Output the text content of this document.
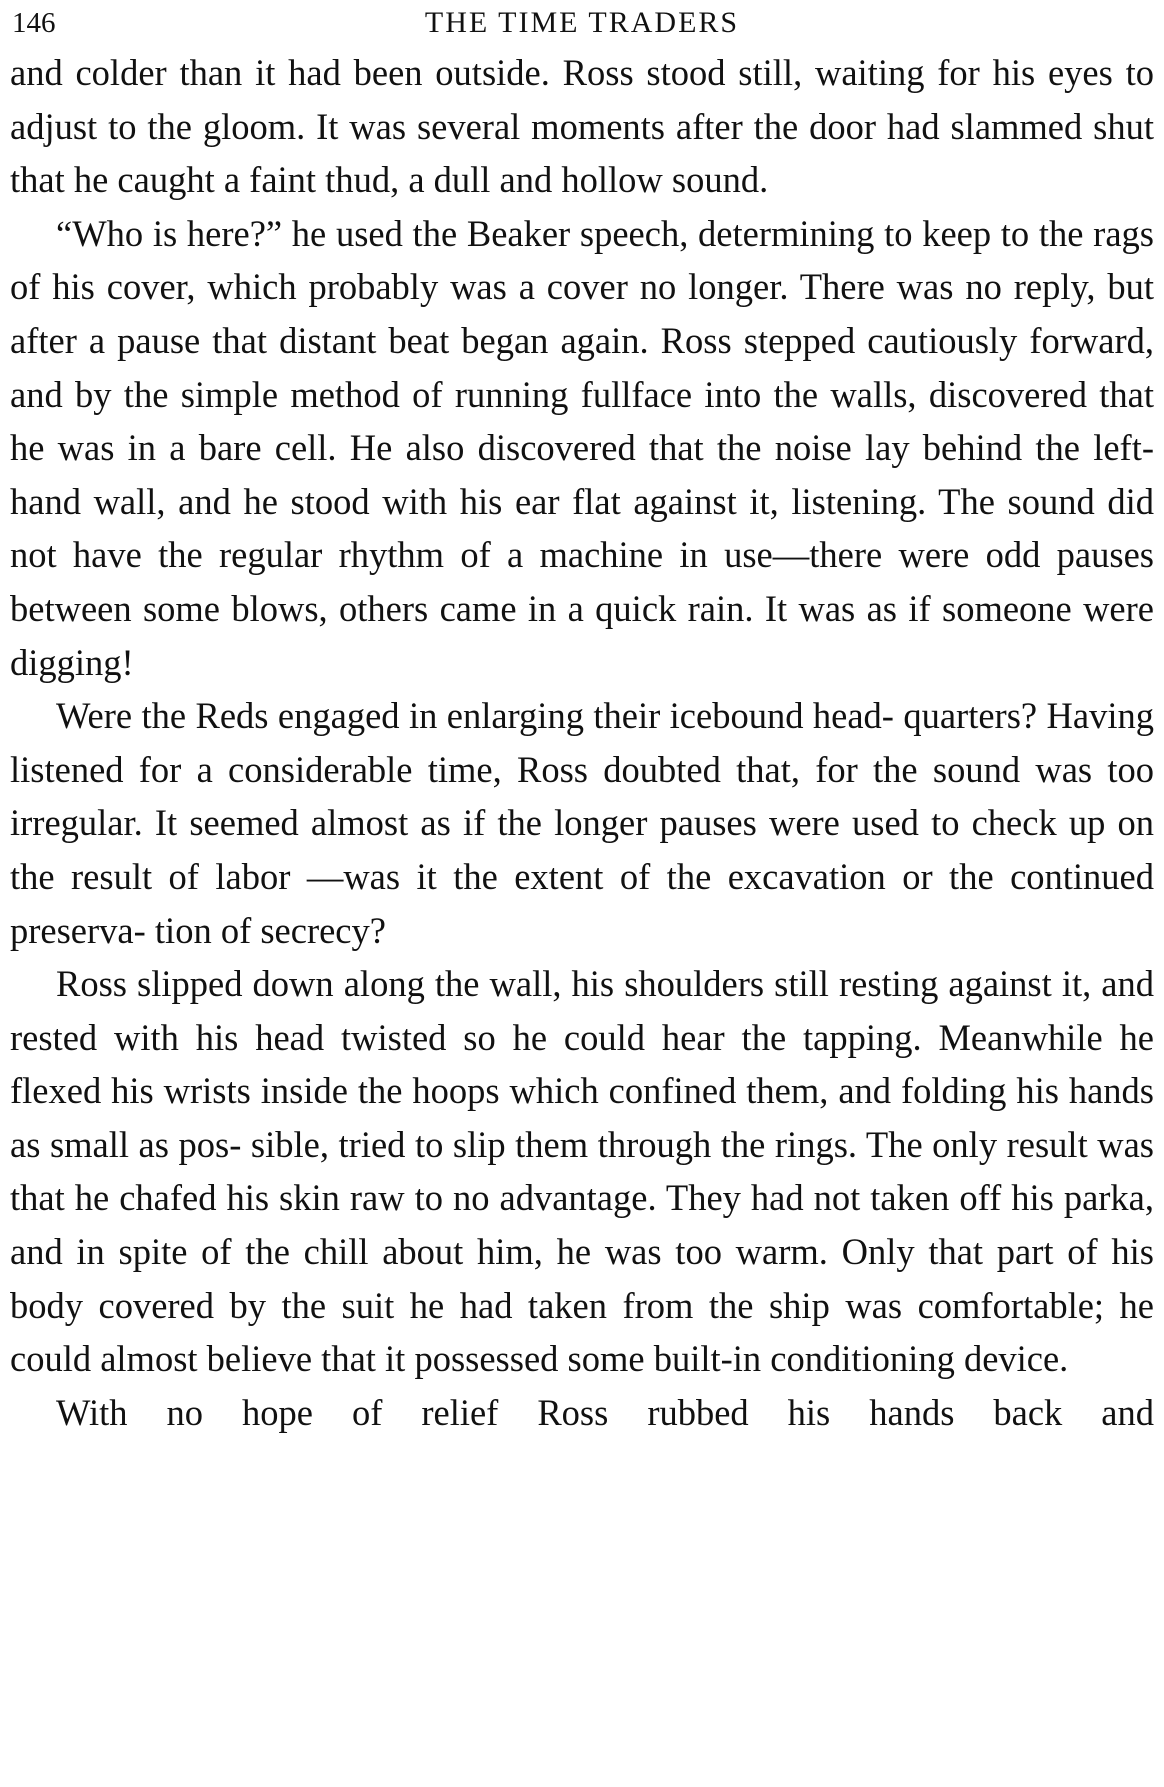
146	THE TIME TRADERS

and colder than it had been outside. Ross stood still, waiting for his eyes to adjust to the gloom. It was several moments after the door had slammed shut that he caught a faint thud, a dull and hollow sound.

“Who is here?” he used the Beaker speech, determining to keep to the rags of his cover, which probably was a cover no longer. There was no reply, but after a pause that distant beat began again. Ross stepped cautiously forward, and by the simple method of running fullface into the walls, discovered that he was in a bare cell. He also discovered that the noise lay behind the left-hand wall, and he stood with his ear flat against it, listening. The sound did not have the regular rhythm of a machine in use—there were odd pauses between some blows, others came in a quick rain. It was as if someone were digging!

Were the Reds engaged in enlarging their icebound head- quarters? Having listened for a considerable time, Ross doubted that, for the sound was too irregular. It seemed almost as if the longer pauses were used to check up on the result of labor —was it the extent of the excavation or the continued preserva- tion of secrecy?

Ross slipped down along the wall, his shoulders still resting against it, and rested with his head twisted so he could hear the tapping. Meanwhile he flexed his wrists inside the hoops which confined them, and folding his hands as small as pos- sible, tried to slip them through the rings. The only result was that he chafed his skin raw to no advantage. They had not taken off his parka, and in spite of the chill about him, he was too warm. Only that part of his body covered by the suit he had taken from the ship was comfortable; he could almost believe that it possessed some built-in conditioning device.

With no hope of relief Ross rubbed his hands back and
